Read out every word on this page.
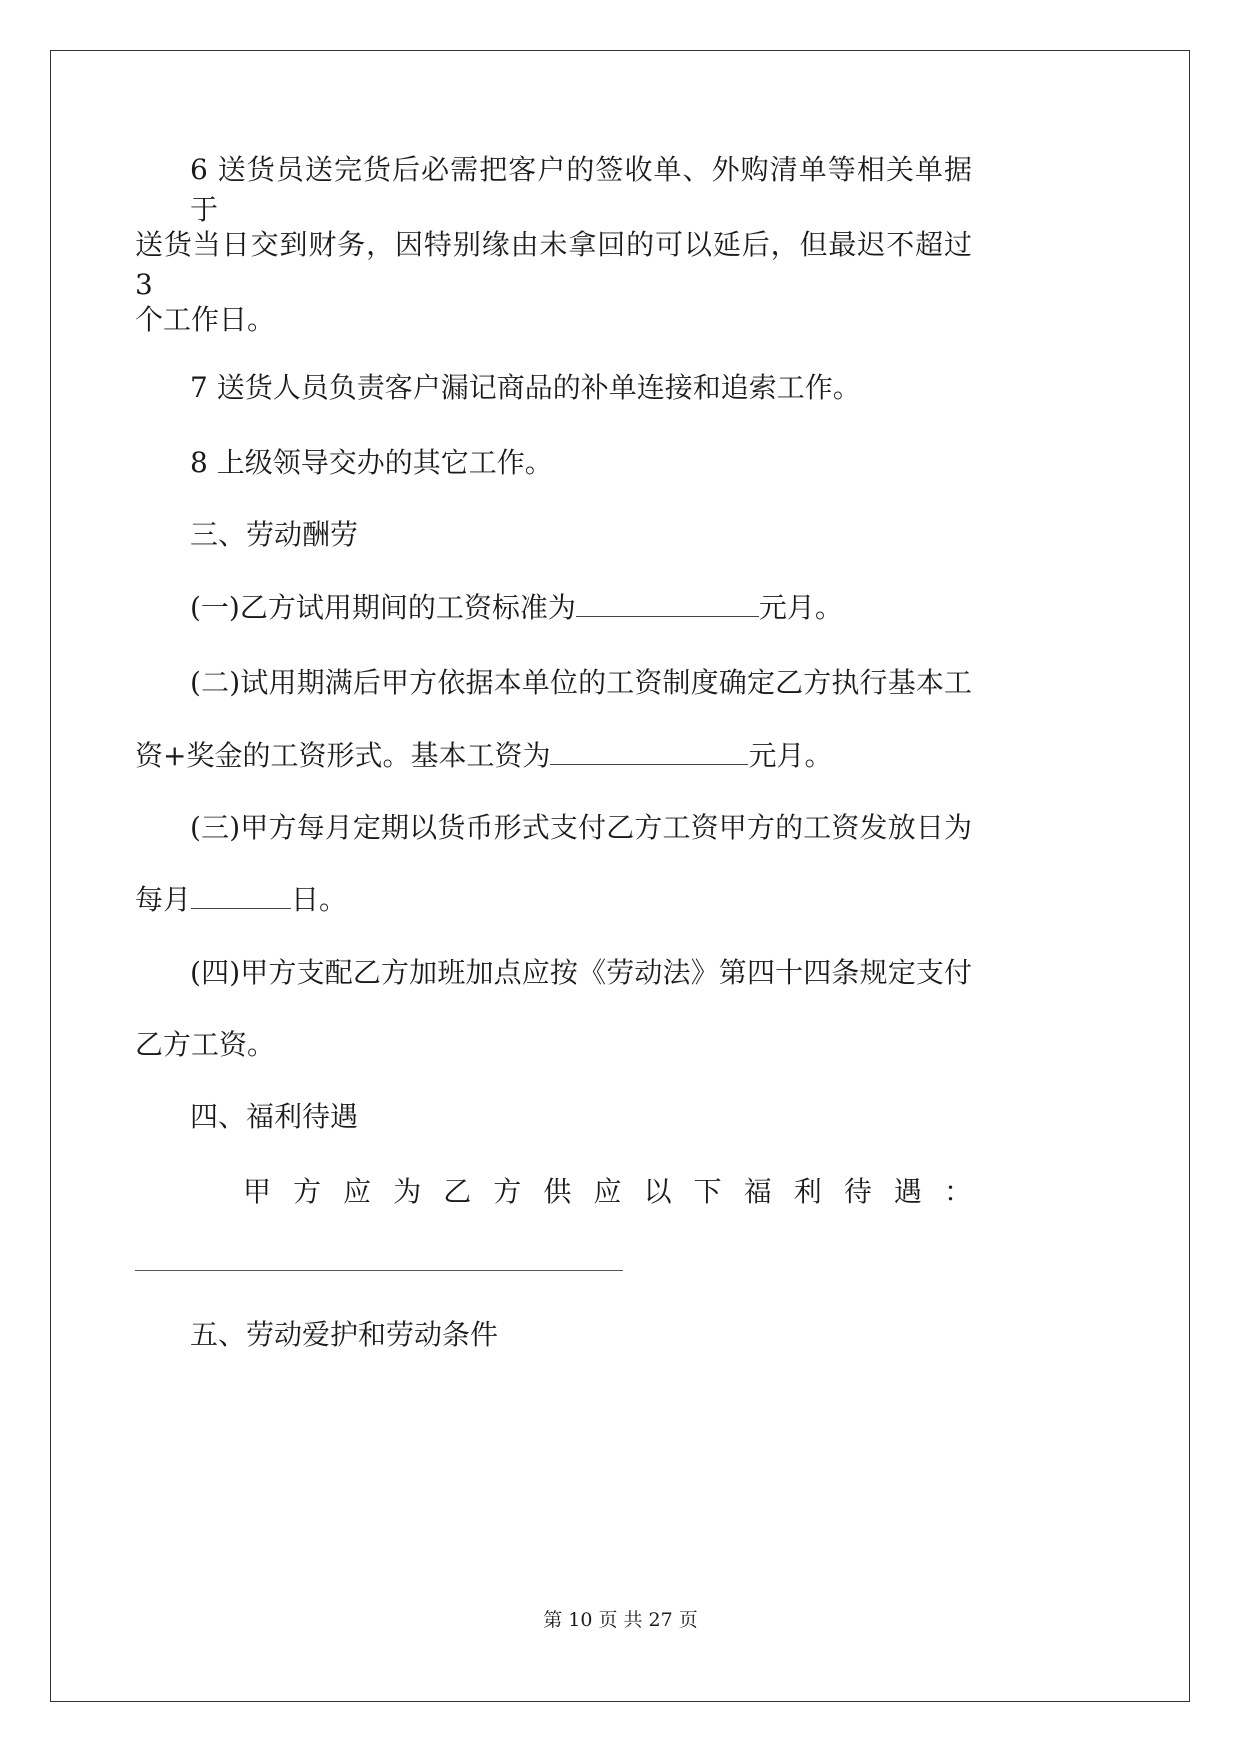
6 送货员送完货后必需把客户的签收单、外购清单等相关单据于
送货当日交到财务，因特别缘由未拿回的可以延后，但最迟不超过 3
个工作日。
7 送货人员负责客户漏记商品的补单连接和追索工作。
8 上级领导交办的其它工作。
三、劳动酬劳
(一)乙方试用期间的工资标准为	元月。
(二)试用期满后甲方依据本单位的工资制度确定乙方执行基本工
资+奖金的工资形式。基本工资为	元月。
(三)甲方每月定期以货币形式支付乙方工资甲方的工资发放日为
每月	日。
(四)甲方支配乙方加班加点应按《劳动法》第四十四条规定支付
乙方工资。
四、福利待遇
甲方应为乙方供应以下福利待遇：
五、劳动爱护和劳动条件
第 10 页 共 27 页
